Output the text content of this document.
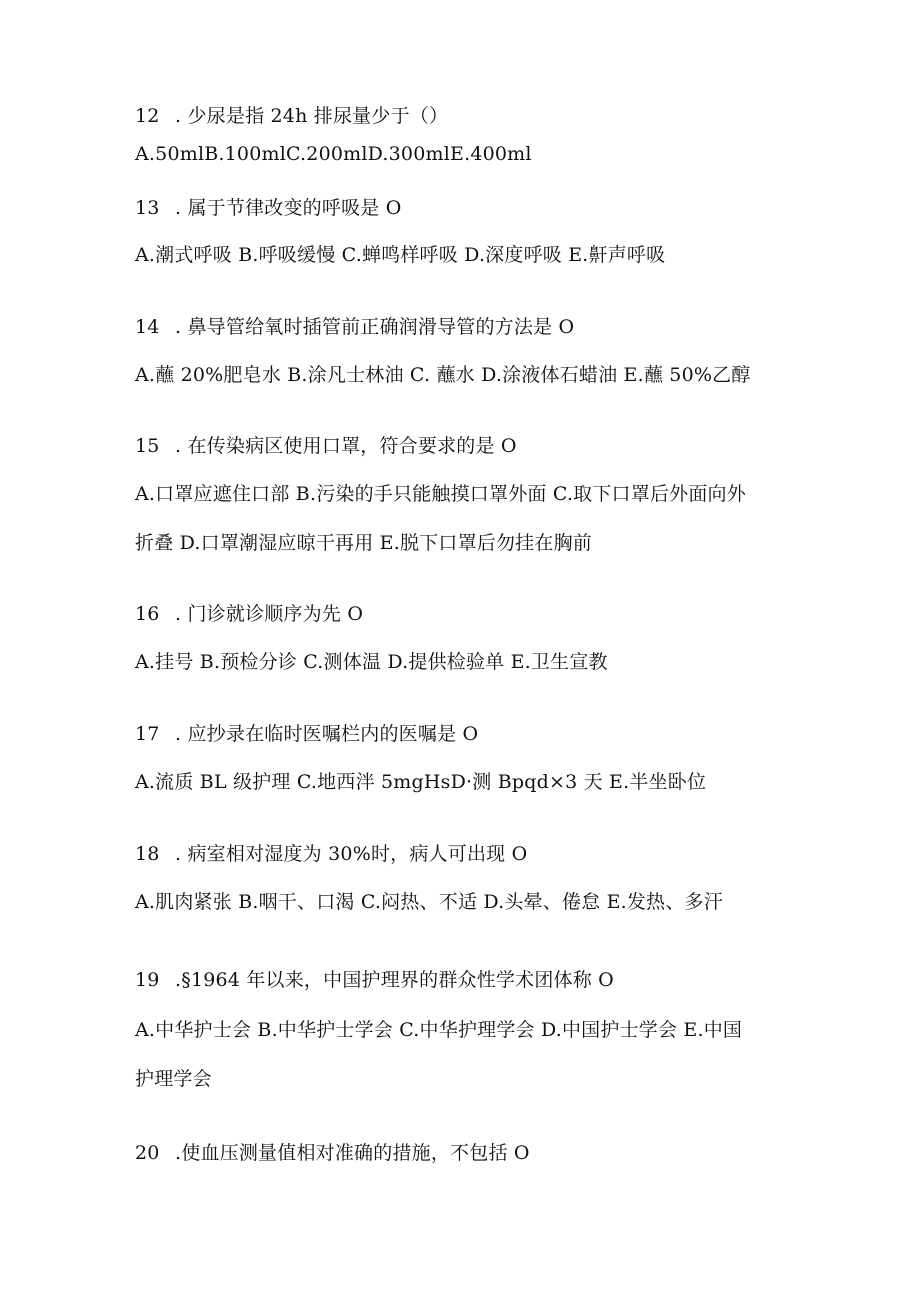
12 . 少尿是指 24h 排尿量少于（）
A.50mlB.100mlC.200mlD.300mlE.400ml
13 . 属于节律改变的呼吸是 O
A.潮式呼吸 B.呼吸缓慢 C.蝉鸣样呼吸 D.深度呼吸 E.鼾声呼吸
14 . 鼻导管给氧时插管前正确润滑导管的方法是 O
A.蘸 20%肥皂水 B.涂凡士林油 C. 蘸水 D.涂液体石蜡油 E.蘸 50%乙醇
15 . 在传染病区使用口罩，符合要求的是 O
A.口罩应遮住口部 B.污染的手只能触摸口罩外面 C.取下口罩后外面向外
折叠 D.口罩潮湿应晾干再用 E.脱下口罩后勿挂在胸前
16 . 门诊就诊顺序为先 O
A.挂号 B.预检分诊 C.测体温 D.提供检验单 E.卫生宣教
17 . 应抄录在临时医嘱栏内的医嘱是 O
A.流质 BL 级护理 C.地西泮 5mgHsD·测 Bpqd×3 天 E.半坐卧位
18 . 病室相对湿度为 30%时，病人可出现 O
A.肌肉紧张 B.咽干、口渴 C.闷热、不适 D.头晕、倦怠 E.发热、多汗
19 .§1964 年以来，中国护理界的群众性学术团体称 O
A.中华护士会 B.中华护士学会 C.中华护理学会 D.中国护士学会 E.中国
护理学会
20 .使血压测量值相对准确的措施，不包括 O
